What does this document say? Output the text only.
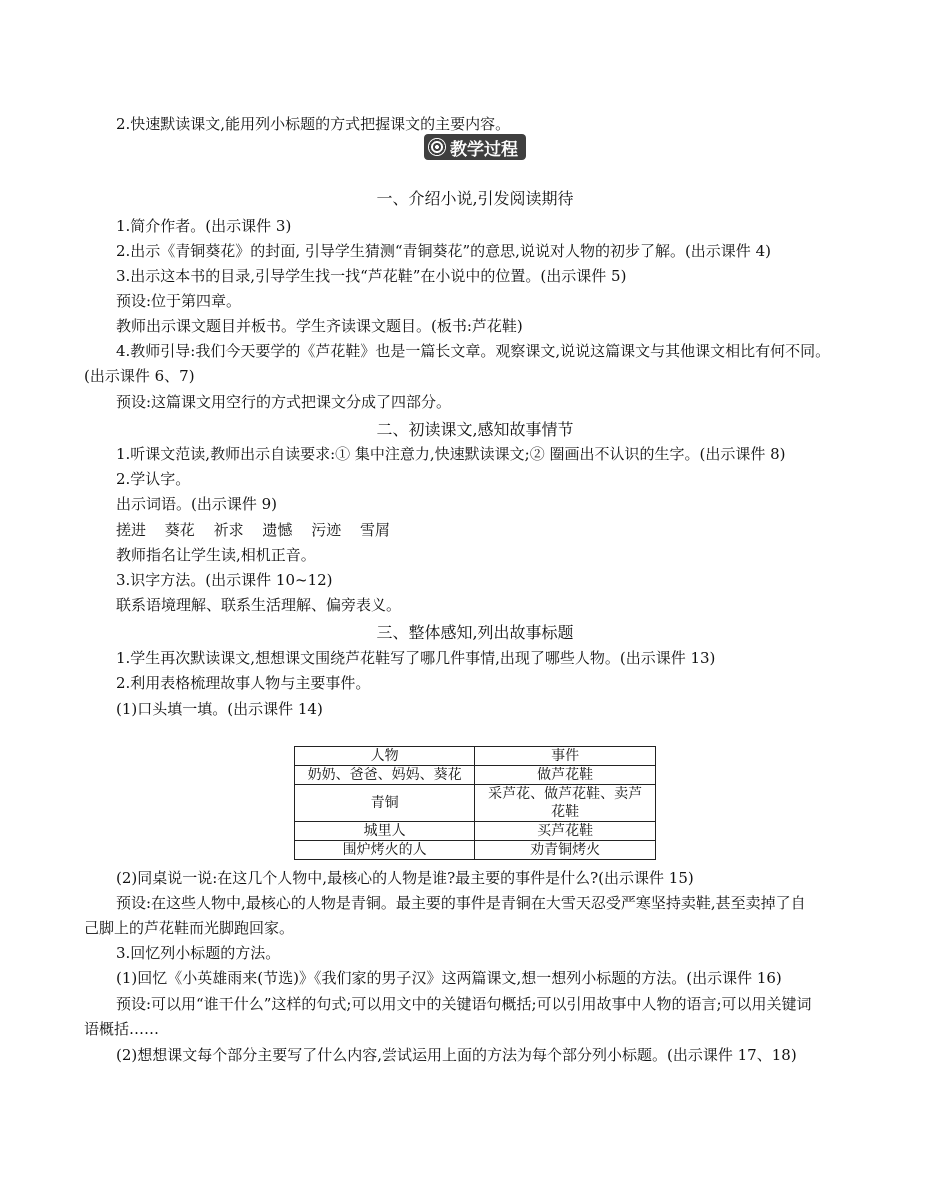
2.快速默读课文,能用列小标题的方式把握课文的主要内容。
教学过程
一、介绍小说,引发阅读期待
1.简介作者。(出示课件 3)
2.出示《青铜葵花》的封面, 引导学生猜测“青铜葵花”的意思,说说对人物的初步了解。(出示课件 4)
3.出示这本书的目录,引导学生找一找“芦花鞋”在小说中的位置。(出示课件 5)
预设:位于第四章。
教师出示课文题目并板书。学生齐读课文题目。(板书:芦花鞋)
4.教师引导:我们今天要学的《芦花鞋》也是一篇长文章。观察课文,说说这篇课文与其他课文相比有何不同。
(出示课件 6、7)
预设:这篇课文用空行的方式把课文分成了四部分。
二、初读课文,感知故事情节
1.听课文范读,教师出示自读要求:① 集中注意力,快速默读课文;② 圈画出不认识的生字。(出示课件 8)
2.学认字。
出示词语。(出示课件 9)
搓进 葵花 祈求 遗憾 污迹 雪屑
教师指名让学生读,相机正音。
3.识字方法。(出示课件 10~12)
联系语境理解、联系生活理解、偏旁表义。
三、整体感知,列出故事标题
1.学生再次默读课文,想想课文围绕芦花鞋写了哪几件事情,出现了哪些人物。(出示课件 13)
2.利用表格梳理故事人物与主要事件。
(1)口头填一填。(出示课件 14)
人物	事件
奶奶、爸爸、妈妈、葵花	做芦花鞋
青铜	采芦花、做芦花鞋、卖芦花鞋
城里人	买芦花鞋
围炉烤火的人	劝青铜烤火
(2)同桌说一说:在这几个人物中,最核心的人物是谁?最主要的事件是什么?(出示课件 15)
预设:在这些人物中,最核心的人物是青铜。最主要的事件是青铜在大雪天忍受严寒坚持卖鞋,甚至卖掉了自
己脚上的芦花鞋而光脚跑回家。
3.回忆列小标题的方法。
(1)回忆《小英雄雨来(节选)》《我们家的男子汉》这两篇课文,想一想列小标题的方法。(出示课件 16)
预设:可以用“谁干什么”这样的句式;可以用文中的关键语句概括;可以引用故事中人物的语言;可以用关键词
语概括……
(2)想想课文每个部分主要写了什么内容,尝试运用上面的方法为每个部分列小标题。(出示课件 17、18)
